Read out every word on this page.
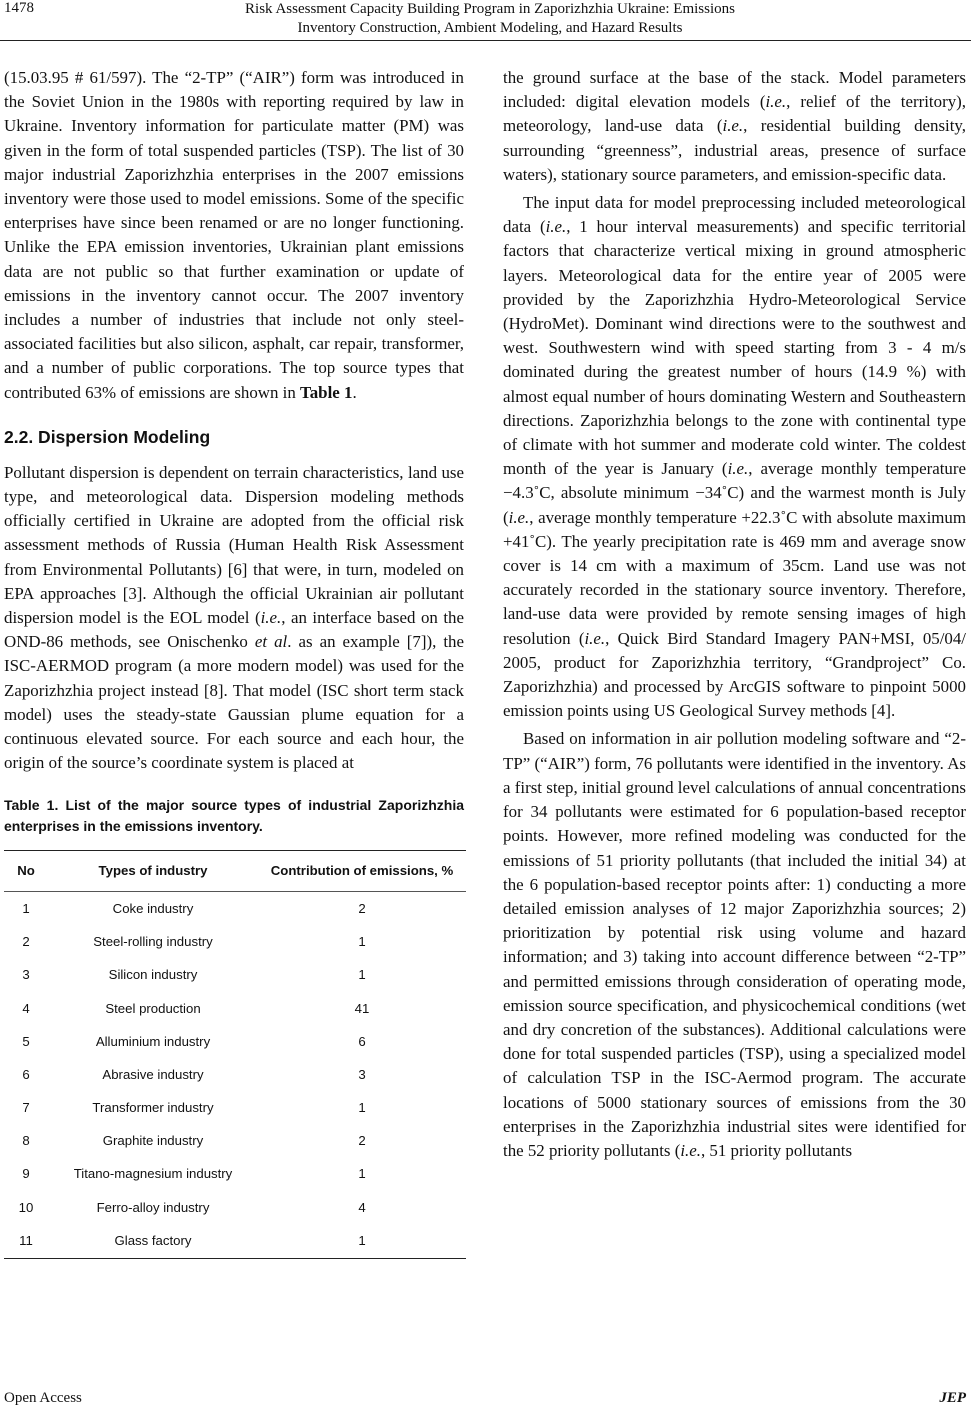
1478	Risk Assessment Capacity Building Program in Zaporizhzhia Ukraine: Emissions
Inventory Construction, Ambient Modeling, and Hazard Results

(15.03.95 # 61/597). The “2-TP” (“AIR”) form was introduced in the Soviet Union in the 1980s with reporting required by law in Ukraine. Inventory information for particulate matter (PM) was given in the form of total suspended particles (TSP). The list of 30 major industrial Zaporizhzhia enterprises in the 2007 emissions inventory were those used to model emissions. Some of the specific enterprises have since been renamed or are no longer functioning. Unlike the EPA emission inventories, Ukrainian plant emissions data are not public so that further examination or update of emissions in the inventory cannot occur. The 2007 inventory includes a number of industries that include not only steel-associated facilities but also silicon, asphalt, car repair, transformer, and a number of public corporations. The top source types that contributed 63% of emissions are shown in Table 1.

2.2. Dispersion Modeling

Pollutant dispersion is dependent on terrain characteristics, land use type, and meteorological data. Dispersion modeling methods officially certified in Ukraine are adopted from the official risk assessment methods of Russia (Human Health Risk Assessment from Environmental Pollutants) [6] that were, in turn, modeled on EPA approaches [3]. Although the official Ukrainian air pollutant dispersion model is the EOL model (i.e., an interface based on the OND-86 methods, see Onischenko et al. as an example [7]), the ISC-AERMOD program (a more modern model) was used for the Zaporizhzhia project instead [8]. That model (ISC short term stack model) uses the steady-state Gaussian plume equation for a continuous elevated source. For each source and each hour, the origin of the source’s coordinate system is placed at

Table 1. List of the major source types of industrial Zaporizhzhia enterprises in the emissions inventory.
No	Types of industry	Contribution of emissions, %
1	Coke industry	2
2	Steel-rolling industry	1
3	Silicon industry	1
4	Steel production	41
5	Alluminium industry	6
6	Abrasive industry	3
7	Transformer industry	1
8	Graphite industry	2
9	Titano-magnesium industry	1
10	Ferro-alloy industry	4
11	Glass factory	1

the ground surface at the base of the stack. Model parameters included: digital elevation models (i.e., relief of the territory), meteorology, land-use data (i.e., residential building density, surrounding “greenness”, industrial areas, presence of surface waters), stationary source parameters, and emission-specific data.

The input data for model preprocessing included meteorological data (i.e., 1 hour interval measurements) and specific territorial factors that characterize vertical mixing in ground atmospheric layers. Meteorological data for the entire year of 2005 were provided by the Zaporizhzhia Hydro-Meteorological Service (HydroMet). Dominant wind directions were to the southwest and west. Southwestern wind with speed starting from 3 - 4 m/s dominated during the greatest number of hours (14.9 %) with almost equal number of hours dominating Western and Southeastern directions. Zaporizhzhia belongs to the zone with continental type of climate with hot summer and moderate cold winter. The coldest month of the year is January (i.e., average monthly temperature −4.3˚C, absolute minimum −34˚C) and the warmest month is July (i.e., average monthly temperature +22.3˚C with absolute maximum +41˚C). The yearly precipitation rate is 469 mm and average snow cover is 14 cm with a maximum of 35cm. Land use was not accurately recorded in the stationary source inventory. Therefore, land-use data were provided by remote sensing images of high resolution (i.e., Quick Bird Standard Imagery PAN+MSI, 05/04/ 2005, product for Zaporizhzhia territory, “Grandproject” Co. Zaporizhzhia) and processed by ArcGIS software to pinpoint 5000 emission points using US Geological Survey methods [4].

Based on information in air pollution modeling software and “2-TP” (“AIR”) form, 76 pollutants were identified in the inventory. As a first step, initial ground level calculations of annual concentrations for 34 pollutants were estimated for 6 population-based receptor points. However, more refined modeling was conducted for the emissions of 51 priority pollutants (that included the initial 34) at the 6 population-based receptor points after: 1) conducting a more detailed emission analyses of 12 major Zaporizhzhia sources; 2) prioritization by potential risk using volume and hazard information; and 3) taking into account difference between “2-TP” and permitted emissions through consideration of operating mode, emission source specification, and physicochemical conditions (wet and dry concretion of the substances). Additional calculations were done for total suspended particles (TSP), using a specialized model of calculation TSP in the ISC-Aermod program. The accurate locations of 5000 stationary sources of emissions from the 30 enterprises in the Zaporizhzhia industrial sites were identified for the 52 priority pollutants (i.e., 51 priority pollutants

Open Access	JEP
